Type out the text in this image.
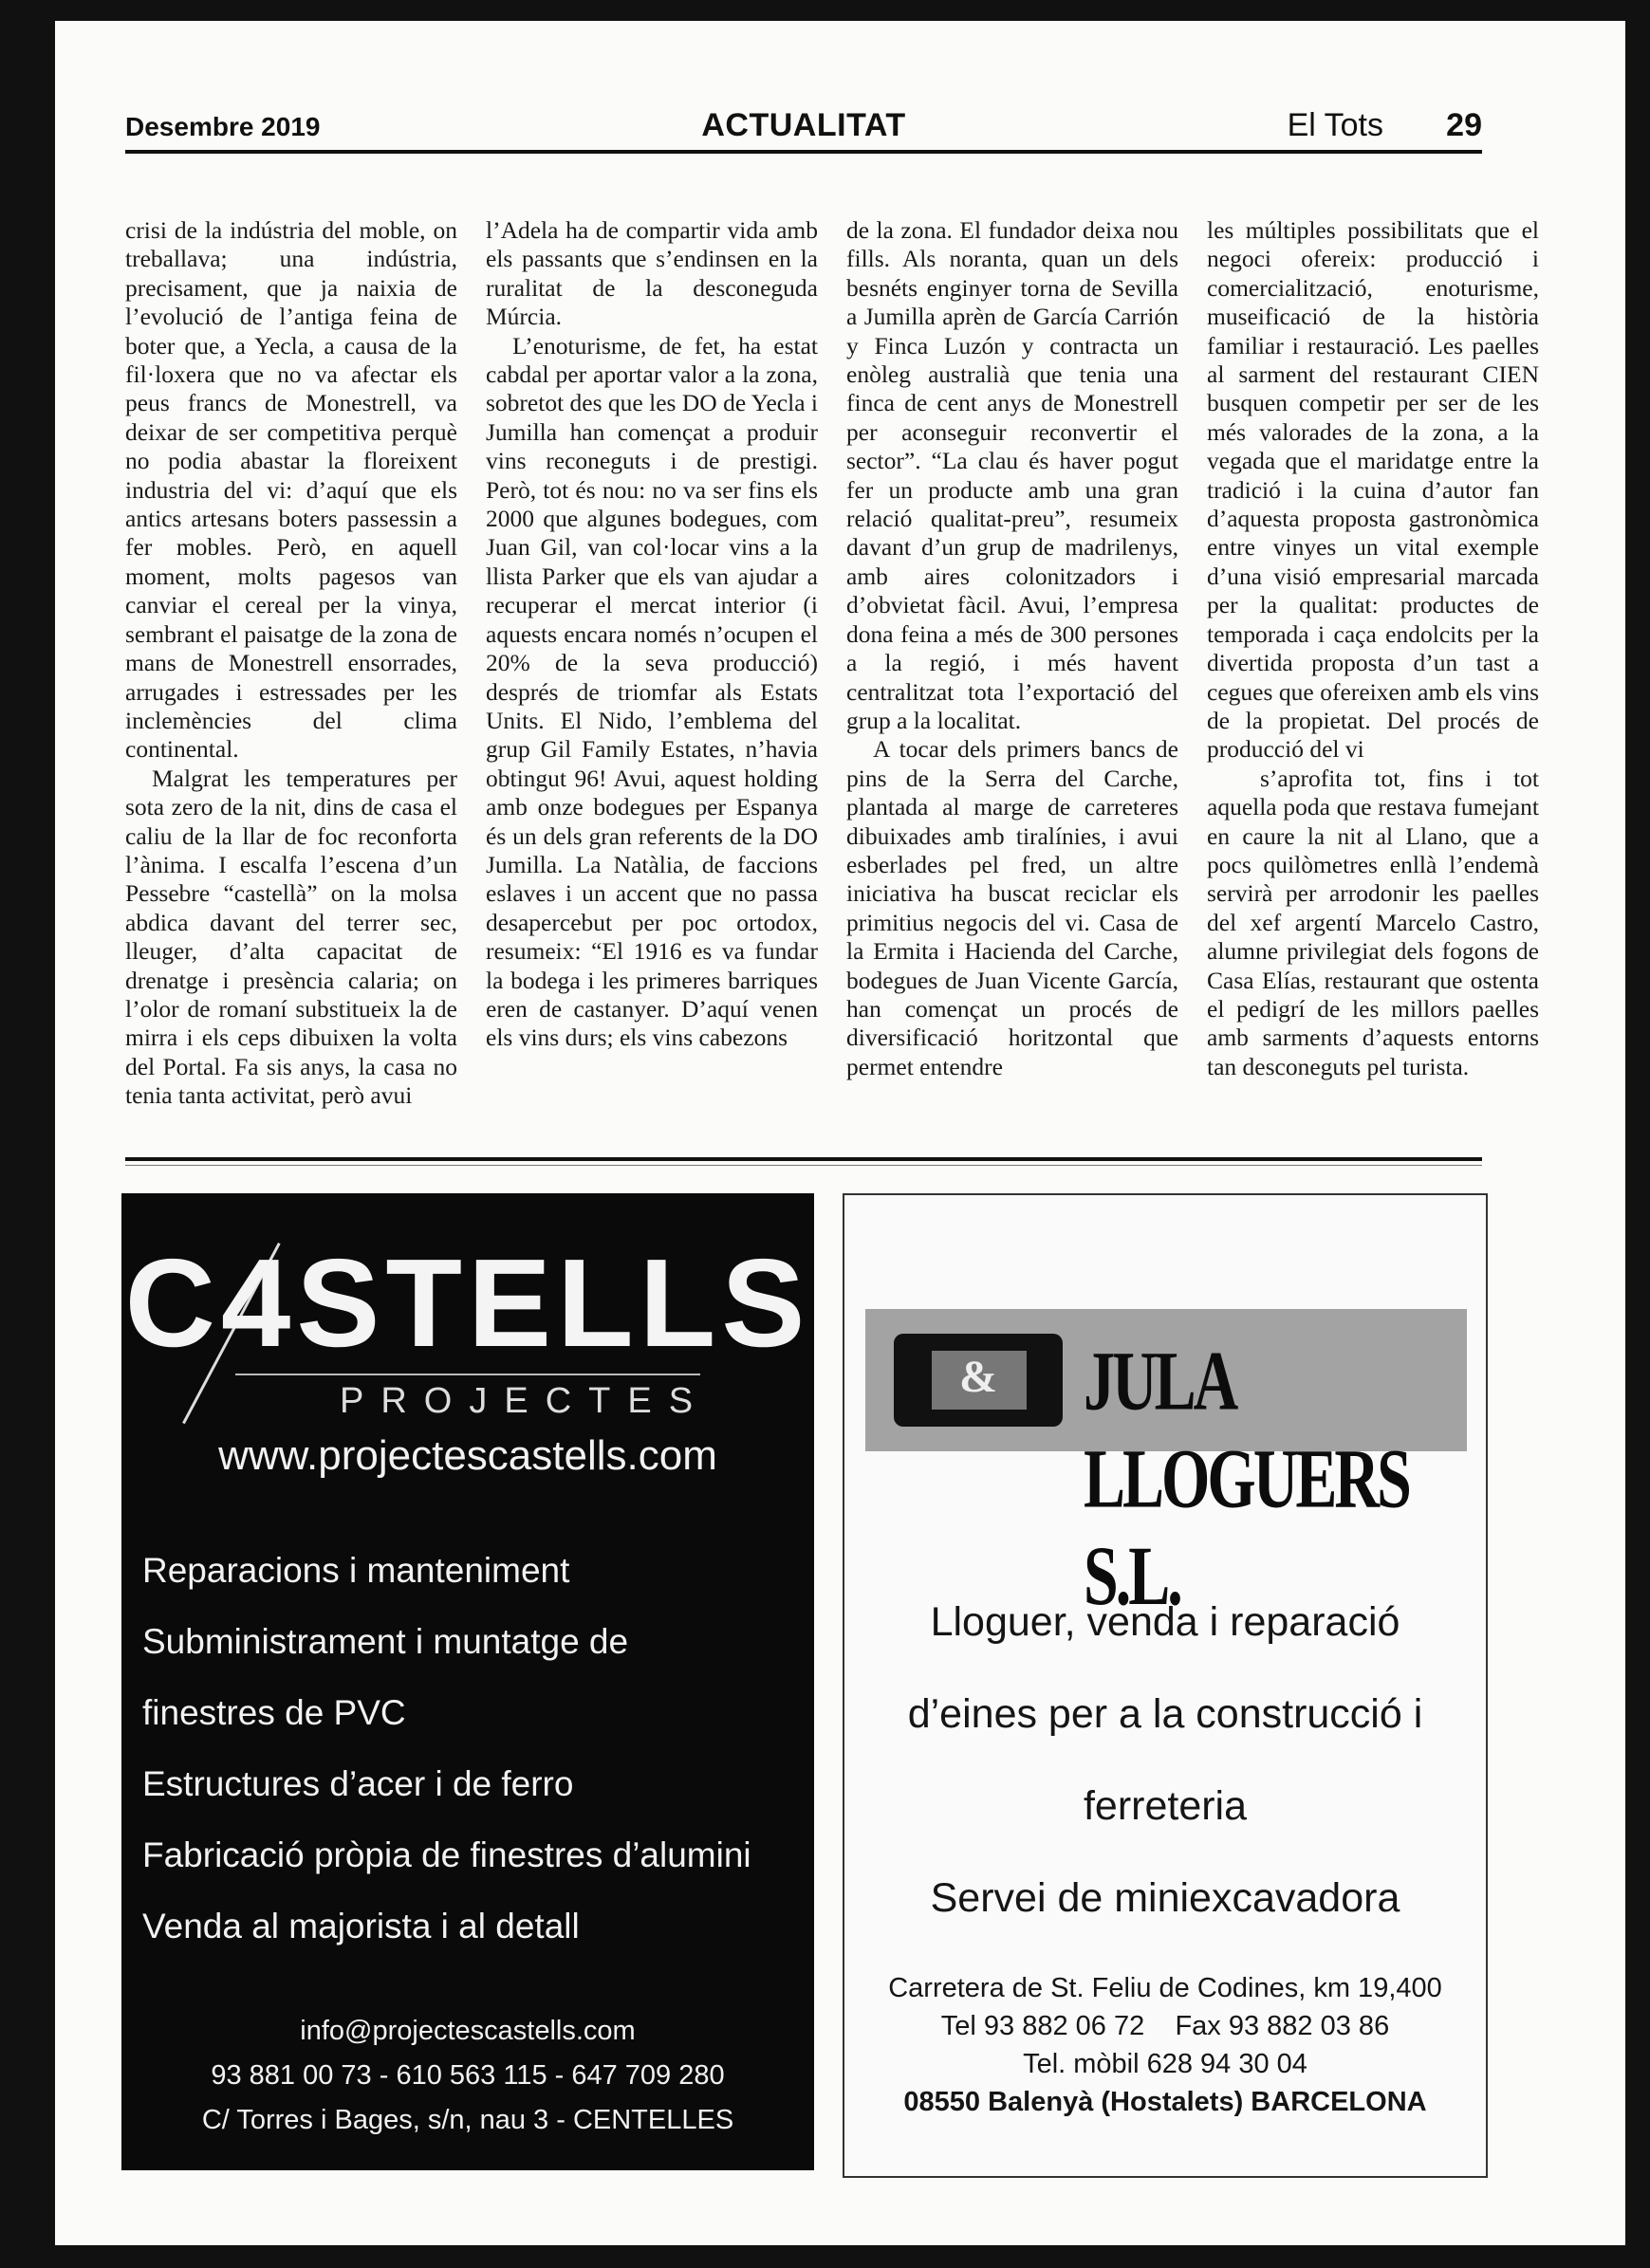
Desembre 2019	ACTUALITAT	El Tots 29

crisi de la indústria del moble, on treballava; una indústria, precisament, que ja naixia de l’evolució de l’antiga feina de boter que, a Yecla, a causa de la fil·loxera que no va afectar els peus francs de Monestrell, va deixar de ser competitiva perquè no podia abastar la floreixent industria del vi: d’aquí que els antics artesans boters passessin a fer mobles. Però, en aquell moment, molts pagesos van canviar el cereal per la vinya, sembrant el paisatge de la zona de mans de Monestrell ensorrades, arrugades i estressades per les inclemències del clima continental.

Malgrat les temperatures per sota zero de la nit, dins de casa el caliu de la llar de foc reconforta l’ànima. I escalfa l’escena d’un Pessebre “castellà” on la molsa abdica davant del terrer sec, lleuger, d’alta capacitat de drenatge i presència calaria; on l’olor de romaní substitueix la de mirra i els ceps dibuixen la volta del Portal. Fa sis anys, la casa no tenia tanta activitat, però avui

l’Adela ha de compartir vida amb els passants que s’endinsen en la ruralitat de la desconeguda Múrcia.

L’enoturisme, de fet, ha estat cabdal per aportar valor a la zona, sobretot des que les DO de Yecla i Jumilla han començat a produir vins reconeguts i de prestigi. Però, tot és nou: no va ser fins els 2000 que algunes bodegues, com Juan Gil, van col·locar vins a la llista Parker que els van ajudar a recuperar el mercat interior (i aquests encara només n’ocupen el 20% de la seva producció) després de triomfar als Estats Units. El Nido, l’emblema del grup Gil Family Estates, n’havia obtingut 96! Avui, aquest holding amb onze bodegues per Espanya és un dels gran referents de la DO Jumilla. La Natàlia, de faccions eslaves i un accent que no passa desapercebut per poc ortodox, resumeix: “El 1916 es va fundar la bodega i les primeres barriques eren de castanyer. D’aquí venen els vins durs; els vins cabezons

de la zona. El fundador deixa nou fills. Als noranta, quan un dels besnéts enginyer torna de Sevilla a Jumilla aprèn de García Carrión y Finca Luzón y contracta un enòleg australià que tenia una finca de cent anys de Monestrell per aconseguir reconvertir el sector”. “La clau és haver pogut fer un producte amb una gran relació qualitat-preu”, resumeix davant d’un grup de madrilenys, amb aires colonitzadors i d’obvietat fàcil. Avui, l’empresa dona feina a més de 300 persones a la regió, i més havent centralitzat tota l’exportació del grup a la localitat.

A tocar dels primers bancs de pins de la Serra del Carche, plantada al marge de carreteres dibuixades amb tiralínies, i avui esberlades pel fred, un altre iniciativa ha buscat reciclar els primitius negocis del vi. Casa de la Ermita i Hacienda del Carche, bodegues de Juan Vicente García, han començat un procés de diversificació horitzontal que permet entendre

les múltiples possibilitats que el negoci ofereix: producció i comercialització, enoturisme, museificació de la història familiar i restauració. Les paelles al sarment del restaurant CIEN busquen competir per ser de les més valorades de la zona, a la vegada que el maridatge entre la tradició i la cuina d’autor fan d’aquesta proposta gastronòmica entre vinyes un vital exemple d’una visió empresarial marcada per la qualitat: productes de temporada i caça endolcits per la divertida proposta d’un tast a cegues que ofereixen amb els vins de la propietat. Del procés de producció del vi

s’aprofita tot, fins i tot aquella poda que restava fumejant en caure la nit al Llano, que a pocs quilòmetres enllà l’endemà servirà per arrodonir les paelles del xef argentí Marcelo Castro, alumne privilegiat dels fogons de Casa Elías, restaurant que ostenta el pedigrí de les millors paelles amb sarments d’aquests entorns tan desconeguts pel turista.

C4STELLS
PROJECTES
www.projectescastells.com
Reparacions i manteniment
Subministrament i muntatge de
finestres de PVC
Estructures d’acer i de ferro
Fabricació pròpia de finestres d’alumini
Venda al majorista i al detall
info@projectescastells.com
93 881 00 73 - 610 563 115 - 647 709 280
C/ Torres i Bages, s/n, nau 3 - CENTELLES
&	JULA LLOGUERS S.L.
Lloguer, venda i reparació
d’eines per a la construcció i
ferreteria
Servei de miniexcavadora
Carretera de St. Feliu de Codines, km 19,400
Tel 93 882 06 72    Fax 93 882 03 86
Tel. mòbil 628 94 30 04
08550 Balenyà (Hostalets) BARCELONA
